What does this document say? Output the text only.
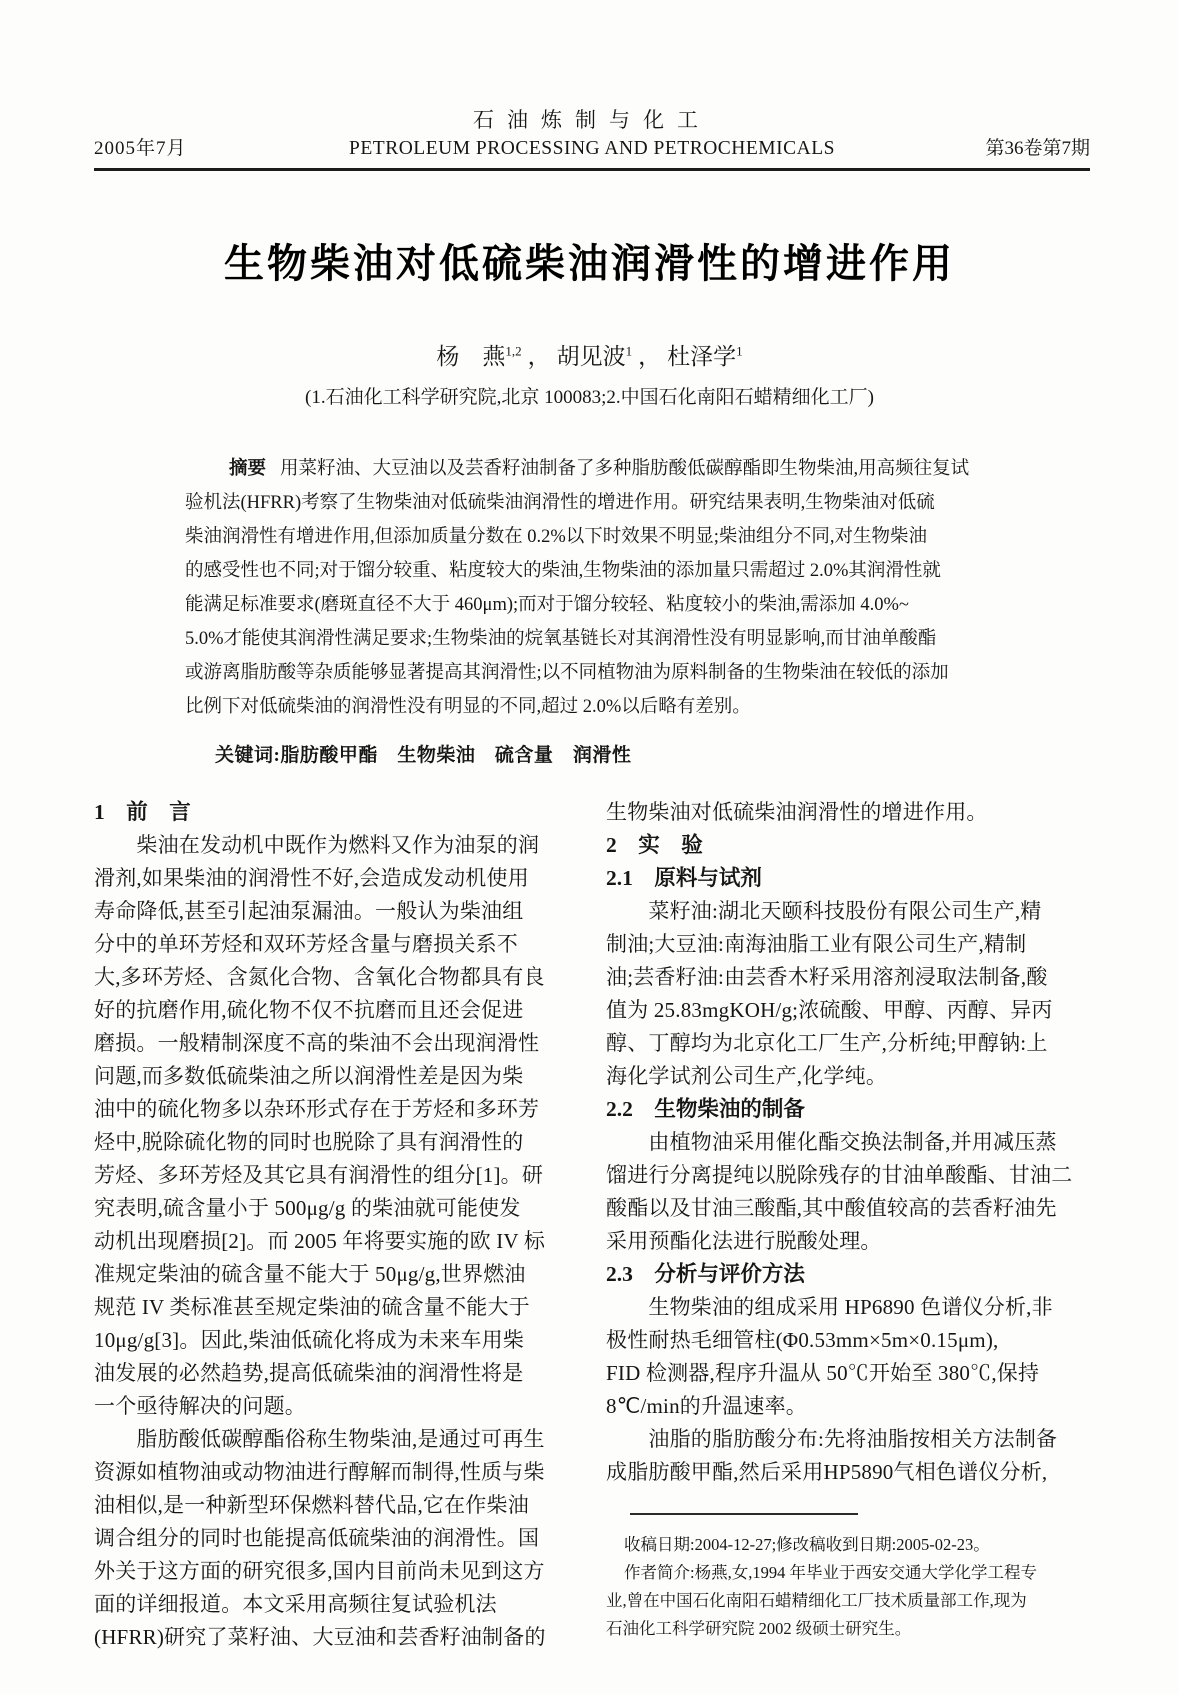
2005年7月
石油炼制与化工
PETROLEUM PROCESSING AND PETROCHEMICALS	第36卷第7期
生物柴油对低硫柴油润滑性的增进作用
杨　燕$^{1,2}$ ， 胡见波$^1$ ， 杜泽学$^1$
(1.石油化工科学研究院,北京 100083;2.中国石化南阳石蜡精细化工厂)
摘要 用菜籽油、大豆油以及芸香籽油制备了多种脂肪酸低碳醇酯即生物柴油,用高频往复试
验机法(HFRR)考察了生物柴油对低硫柴油润滑性的增进作用。研究结果表明,生物柴油对低硫
柴油润滑性有增进作用,但添加质量分数在 0.2%以下时效果不明显;柴油组分不同,对生物柴油
的感受性也不同;对于馏分较重、粘度较大的柴油,生物柴油的添加量只需超过 2.0%其润滑性就
能满足标准要求(磨斑直径不大于 460μm);而对于馏分较轻、粘度较小的柴油,需添加 4.0%~
5.0%才能使其润滑性满足要求;生物柴油的烷氧基链长对其润滑性没有明显影响,而甘油单酸酯
或游离脂肪酸等杂质能够显著提高其润滑性;以不同植物油为原料制备的生物柴油在较低的添加
比例下对低硫柴油的润滑性没有明显的不同,超过 2.0%以后略有差别。
关键词:脂肪酸甲酯　生物柴油　硫含量　润滑性
1　前　言
　　柴油在发动机中既作为燃料又作为油泵的润
滑剂,如果柴油的润滑性不好,会造成发动机使用
寿命降低,甚至引起油泵漏油。一般认为柴油组
分中的单环芳烃和双环芳烃含量与磨损关系不
大,多环芳烃、含氮化合物、含氧化合物都具有良
好的抗磨作用,硫化物不仅不抗磨而且还会促进
磨损。一般精制深度不高的柴油不会出现润滑性
问题,而多数低硫柴油之所以润滑性差是因为柴
油中的硫化物多以杂环形式存在于芳烃和多环芳
烃中,脱除硫化物的同时也脱除了具有润滑性的
芳烃、多环芳烃及其它具有润滑性的组分[1]。研
究表明,硫含量小于 500μg/g 的柴油就可能使发
动机出现磨损[2]。而 2005 年将要实施的欧 IV 标
准规定柴油的硫含量不能大于 50μg/g,世界燃油
规范 IV 类标准甚至规定柴油的硫含量不能大于
10μg/g[3]。因此,柴油低硫化将成为未来车用柴
油发展的必然趋势,提高低硫柴油的润滑性将是
一个亟待解决的问题。
　　脂肪酸低碳醇酯俗称生物柴油,是通过可再生
资源如植物油或动物油进行醇解而制得,性质与柴
油相似,是一种新型环保燃料替代品,它在作柴油
调合组分的同时也能提高低硫柴油的润滑性。国
外关于这方面的研究很多,国内目前尚未见到这方
面的详细报道。本文采用高频往复试验机法
(HFRR)研究了菜籽油、大豆油和芸香籽油制备的
生物柴油对低硫柴油润滑性的增进作用。
2　实　验
2.1　原料与试剂
　　菜籽油:湖北天颐科技股份有限公司生产,精
制油;大豆油:南海油脂工业有限公司生产,精制
油;芸香籽油:由芸香木籽采用溶剂浸取法制备,酸
值为 25.83mgKOH/g;浓硫酸、甲醇、丙醇、异丙
醇、丁醇均为北京化工厂生产,分析纯;甲醇钠:上
海化学试剂公司生产,化学纯。
2.2　生物柴油的制备
　　由植物油采用催化酯交换法制备,并用减压蒸
馏进行分离提纯以脱除残存的甘油单酸酯、甘油二
酸酯以及甘油三酸酯,其中酸值较高的芸香籽油先
采用预酯化法进行脱酸处理。
2.3　分析与评价方法
　　生物柴油的组成采用 HP6890 色谱仪分析,非
极性耐热毛细管柱(Φ0.53mm×5m×0.15μm),
FID 检测器,程序升温从 50℃开始至 380℃,保持
8℃/min的升温速率。
　　油脂的脂肪酸分布:先将油脂按相关方法制备
成脂肪酸甲酯,然后采用HP5890气相色谱仪分析,
收稿日期:2004-12-27;修改稿收到日期:2005-02-23。
作者简介:杨燕,女,1994 年毕业于西安交通大学化学工程专
业,曾在中国石化南阳石蜡精细化工厂技术质量部工作,现为
石油化工科学研究院 2002 级硕士研究生。
